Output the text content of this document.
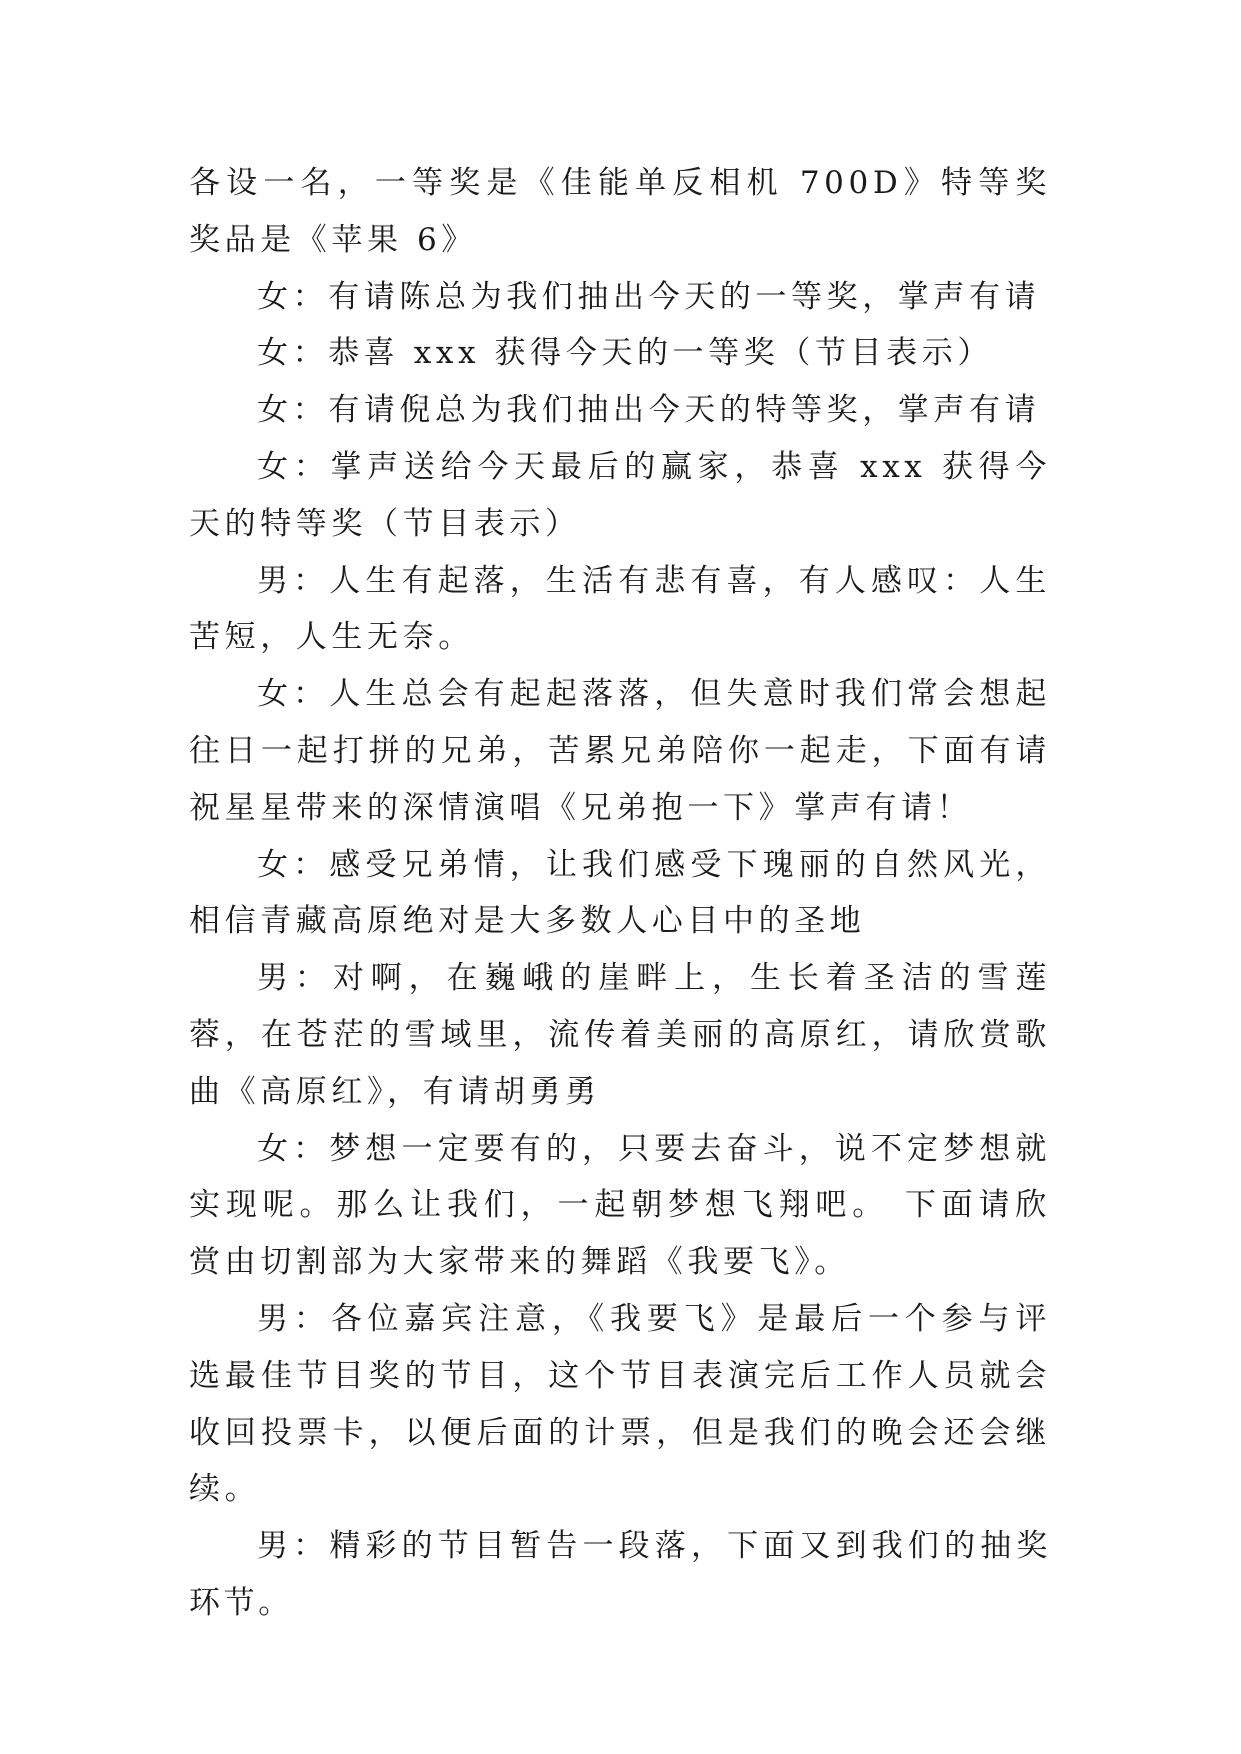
各设一名，一等奖是《佳能单反相机 700D》特等奖奖品是《苹果 6》

女：有请陈总为我们抽出今天的一等奖，掌声有请

女：恭喜 xxx 获得今天的一等奖（节目表示）

女：有请倪总为我们抽出今天的特等奖，掌声有请

女：掌声送给今天最后的赢家，恭喜 xxx 获得今天的特等奖（节目表示）

男：人生有起落，生活有悲有喜，有人感叹：人生苦短，人生无奈。

女：人生总会有起起落落，但失意时我们常会想起往日一起打拼的兄弟，苦累兄弟陪你一起走，下面有请祝星星带来的深情演唱《兄弟抱一下》掌声有请！

女：感受兄弟情，让我们感受下瑰丽的自然风光，相信青藏高原绝对是大多数人心目中的圣地

男：对啊，在巍峨的崖畔上，生长着圣洁的雪莲蓉，在苍茫的雪域里，流传着美丽的高原红，请欣赏歌曲《高原红》，有请胡勇勇

女：梦想一定要有的，只要去奋斗，说不定梦想就实现呢。那么让我们，一起朝梦想飞翔吧。 下面请欣赏由切割部为大家带来的舞蹈《我要飞》。

男：各位嘉宾注意，《我要飞》是最后一个参与评选最佳节目奖的节目，这个节目表演完后工作人员就会收回投票卡，以便后面的计票，但是我们的晚会还会继续。

男：精彩的节目暂告一段落，下面又到我们的抽奖环节。
